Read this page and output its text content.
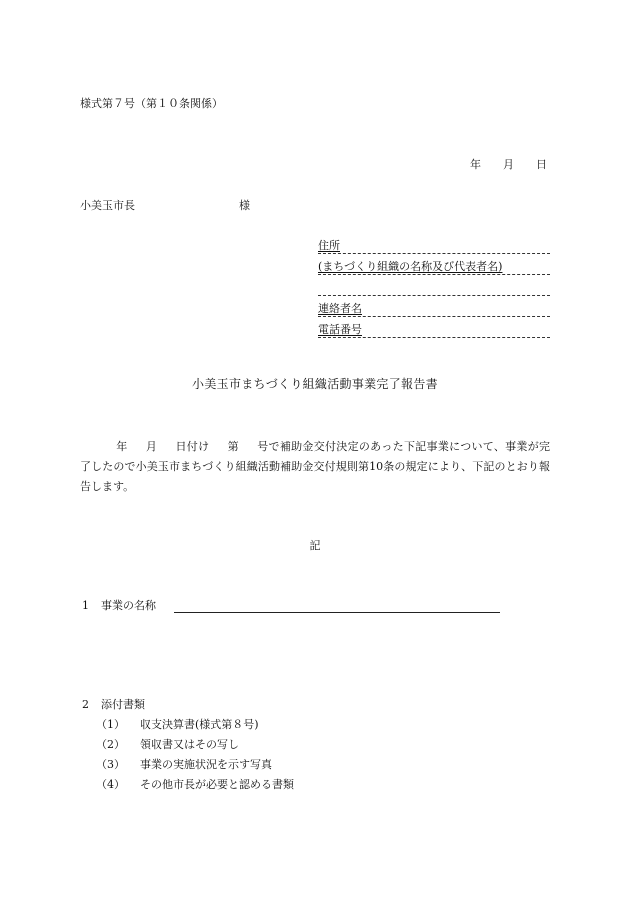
様式第７号（第１０条関係）
年 月 日
小美玉市長	様
住所
(まちづくり組織の名称及び代表者名)
連絡者名
電話番号
小美玉市まちづくり組織活動事業完了報告書
年 月 日付け 第 号で補助金交付決定のあった下記事業について、事業が完了したので小美玉市まちづくり組織活動補助金交付規則第10条の規定により、下記のとおり報告します。
記
1 事業の名称
2 添付書類
（1） 収支決算書(様式第８号)
（2） 領収書又はその写し
（3） 事業の実施状況を示す写真
（4） その他市長が必要と認める書類
